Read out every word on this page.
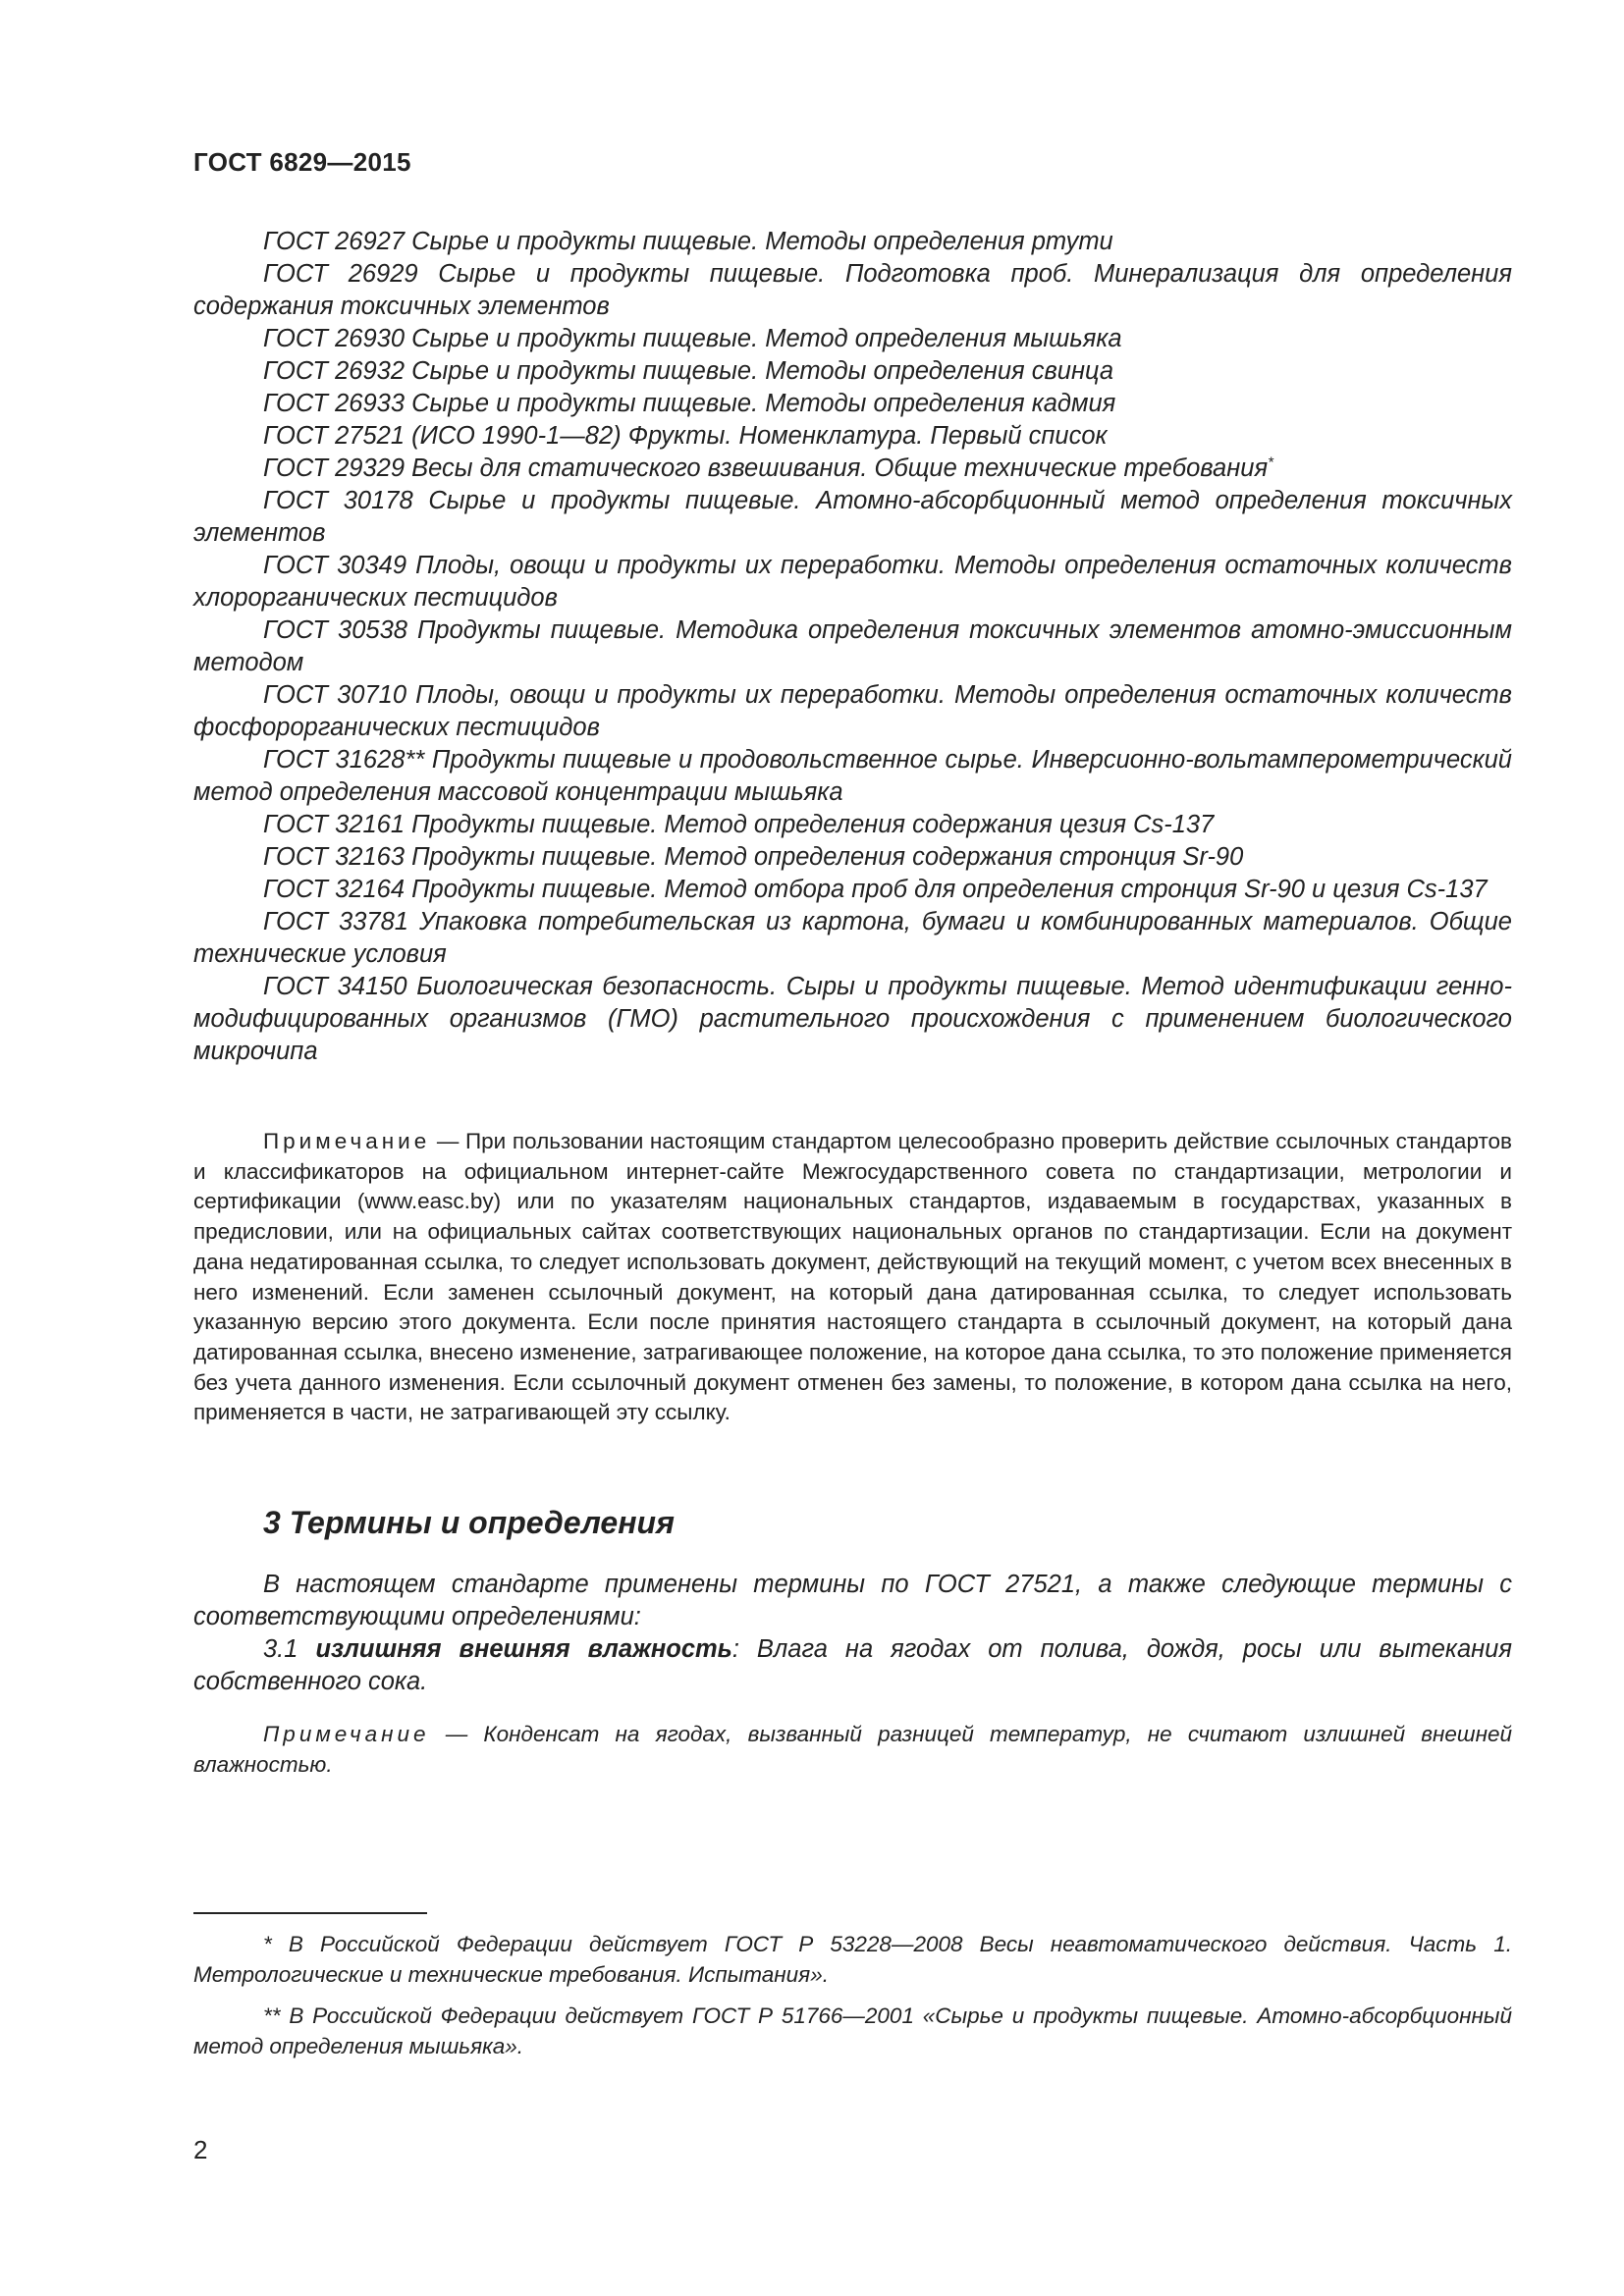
ГОСТ 6829—2015

ГОСТ 26927 Сырье и продукты пищевые. Методы определения ртути

ГОСТ 26929 Сырье и продукты пищевые. Подготовка проб. Минерализация для определения содержания токсичных элементов

ГОСТ 26930 Сырье и продукты пищевые. Метод определения мышьяка

ГОСТ 26932 Сырье и продукты пищевые. Методы определения свинца

ГОСТ 26933 Сырье и продукты пищевые. Методы определения кадмия

ГОСТ 27521 (ИСО 1990-1—82) Фрукты. Номенклатура. Первый список

ГОСТ 29329 Весы для статического взвешивания. Общие технические требования*

ГОСТ 30178 Сырье и продукты пищевые. Атомно-абсорбционный метод определения токсичных элементов

ГОСТ 30349 Плоды, овощи и продукты их переработки. Методы определения остаточных количеств хлорорганических пестицидов

ГОСТ 30538 Продукты пищевые. Методика определения токсичных элементов атомно-эмиссионным методом

ГОСТ 30710 Плоды, овощи и продукты их переработки. Методы определения остаточных количеств фосфорорганических пестицидов

ГОСТ 31628** Продукты пищевые и продовольственное сырье. Инверсионно-вольтамперометрический метод определения массовой концентрации мышьяка

ГОСТ 32161 Продукты пищевые. Метод определения содержания цезия Cs-137

ГОСТ 32163 Продукты пищевые. Метод определения содержания стронция Sr-90

ГОСТ 32164 Продукты пищевые. Метод отбора проб для определения стронция Sr-90 и цезия Cs-137

ГОСТ 33781 Упаковка потребительская из картона, бумаги и комбинированных материалов. Общие технические условия

ГОСТ 34150 Биологическая безопасность. Сыры и продукты пищевые. Метод идентификации генно-модифицированных организмов (ГМО) растительного происхождения с применением биологического микрочипа

Примечание — При пользовании настоящим стандартом целесообразно проверить действие ссылочных стандартов и классификаторов на официальном интернет-сайте Межгосударственного совета по стандартизации, метрологии и сертификации (www.easc.by) или по указателям национальных стандартов, издаваемым в государствах, указанных в предисловии, или на официальных сайтах соответствующих национальных органов по стандартизации. Если на документ дана недатированная ссылка, то следует использовать документ, действующий на текущий момент, с учетом всех внесенных в него изменений. Если заменен ссылочный документ, на который дана датированная ссылка, то следует использовать указанную версию этого документа. Если после принятия настоящего стандарта в ссылочный документ, на который дана датированная ссылка, внесено изменение, затрагивающее положение, на которое дана ссылка, то это положение применяется без учета данного изменения. Если ссылочный документ отменен без замены, то положение, в котором дана ссылка на него, применяется в части, не затрагивающей эту ссылку.

3 Термины и определения

В настоящем стандарте применены термины по ГОСТ 27521, а также следующие термины с соответствующими определениями:

3.1 излишняя внешняя влажность: Влага на ягодах от полива, дождя, росы или вытекания собственного сока.

Примечание — Конденсат на ягодах, вызванный разницей температур, не считают излишней внешней влажностью.

* В Российской Федерации действует ГОСТ Р 53228—2008 Весы неавтоматического действия. Часть 1. Метрологические и технические требования. Испытания».

** В Российской Федерации действует ГОСТ Р 51766—2001 «Сырье и продукты пищевые. Атомно-абсорбционный метод определения мышьяка».

2
